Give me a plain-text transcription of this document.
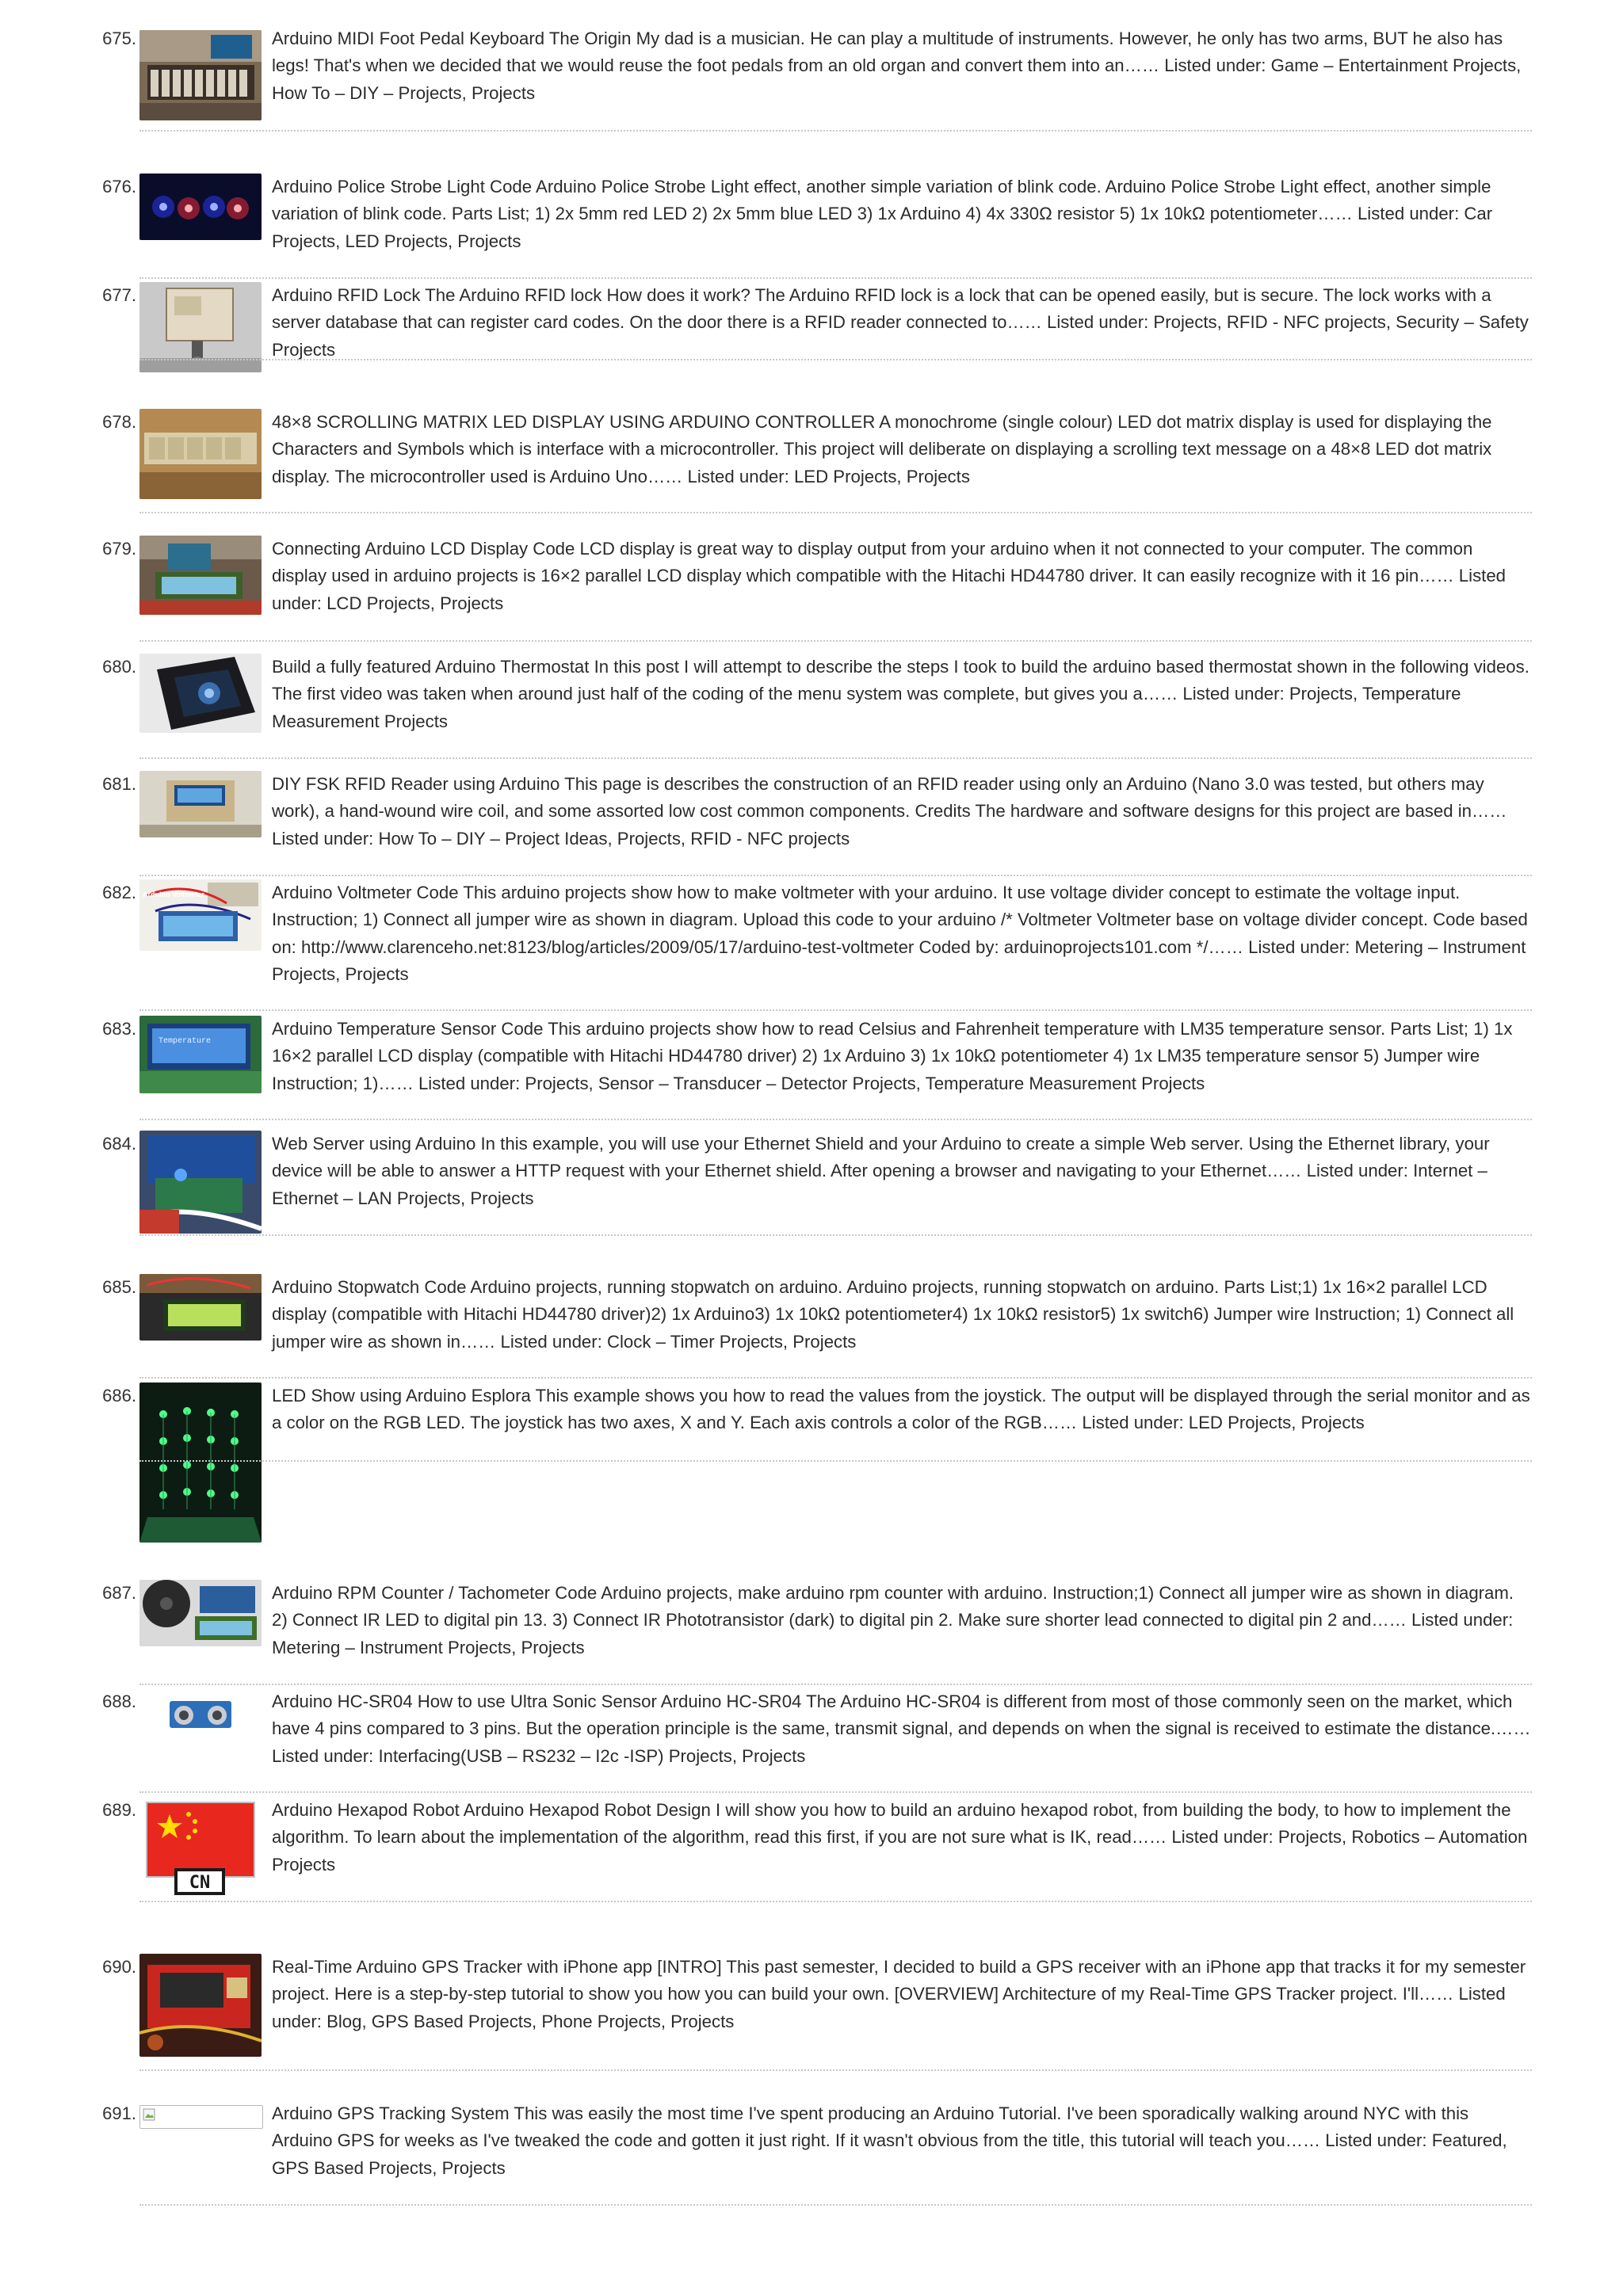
675.	Arduino MIDI Foot Pedal Keyboard The Origin My dad is a musician. He can play a multitude of instruments. However, he only has two arms, BUT he also has legs! That's when we decided that we would reuse the foot pedals from an old organ and convert them into an…… Listed under: Game – Entertainment Projects, How To – DIY – Projects, Projects
676.	Arduino Police Strobe Light Code Arduino Police Strobe Light effect, another simple variation of blink code. Arduino Police Strobe Light effect, another simple variation of blink code. Parts List; 1) 2x 5mm red LED 2) 2x 5mm blue LED 3) 1x Arduino 4) 4x 330Ω resistor 5) 1x 10kΩ potentiometer…… Listed under: Car Projects, LED Projects, Projects
677.	Arduino RFID Lock The Arduino RFID lock How does it work? The Arduino RFID lock is a lock that can be opened easily, but is secure. The lock works with a server database that can register card codes. On the door there is a RFID reader connected to…… Listed under: Projects, RFID - NFC projects, Security – Safety Projects
678.	48×8 SCROLLING MATRIX LED DISPLAY USING ARDUINO CONTROLLER A monochrome (single colour) LED dot matrix display is used for displaying the Characters and Symbols which is interface with a microcontroller. This project will deliberate on displaying a scrolling text message on a 48×8 LED dot matrix display. The microcontroller used is Arduino Uno…… Listed under: LED Projects, Projects
679.	Connecting Arduino LCD Display Code LCD display is great way to display output from your arduino when it not connected to your computer. The common display used in arduino projects is 16×2 parallel LCD display which compatible with the Hitachi HD44780 driver. It can easily recognize with it 16 pin…… Listed under: LCD Projects, Projects
680.	Build a fully featured Arduino Thermostat In this post I will attempt to describe the steps I took to build the arduino based thermostat shown in the following videos. The first video was taken when around just half of the coding of the menu system was complete, but gives you a…… Listed under: Projects, Temperature Measurement Projects
681.	DIY FSK RFID Reader using Arduino This page is describes the construction of an RFID reader using only an Arduino (Nano 3.0 was tested, but others may work), a hand-wound wire coil, and some assorted low cost common components. Credits The hardware and software designs for this project are based in…… Listed under: How To – DIY – Project Ideas, Projects, RFID - NFC projects
682. Arduino Voltmeter	Arduino Voltmeter Code This arduino projects show how to make voltmeter with your arduino. It use voltage divider concept to estimate the voltage input. Instruction; 1) Connect all jumper wire as shown in diagram. Upload this code to your arduino /* Voltmeter Voltmeter base on voltage divider concept. Code based on: http://www.clarenceho.net:8123/blog/articles/2009/05/17/arduino-test-voltmeter Coded by: arduinoprojects101.com */…… Listed under: Metering – Instrument Projects, Projects
683.
Temperature
Arduino Temperature Sensor Code This arduino projects show how to read Celsius and Fahrenheit temperature with LM35 temperature sensor. Parts List; 1) 1x 16×2 parallel LCD display (compatible with Hitachi HD44780 driver) 2) 1x Arduino 3) 1x 10kΩ potentiometer 4) 1x LM35 temperature sensor 5) Jumper wire Instruction; 1)…… Listed under: Projects, Sensor – Transducer – Detector Projects, Temperature Measurement Projects
684.	Web Server using Arduino In this example, you will use your Ethernet Shield and your Arduino to create a simple Web server. Using the Ethernet library, your device will be able to answer a HTTP request with your Ethernet shield. After opening a browser and navigating to your Ethernet…… Listed under: Internet – Ethernet – LAN Projects, Projects
685.	Arduino Stopwatch Code Arduino projects, running stopwatch on arduino. Arduino projects, running stopwatch on arduino. Parts List;1) 1x 16×2 parallel LCD display (compatible with Hitachi HD44780 driver)2) 1x Arduino3) 1x 10kΩ potentiometer4) 1x 10kΩ resistor5) 1x switch6) Jumper wire Instruction; 1) Connect all jumper wire as shown in…… Listed under: Clock – Timer Projects, Projects
686.	LED Show using Arduino Esplora This example shows you how to read the values from the joystick. The output will be displayed through the serial monitor and as a color on the RGB LED. The joystick has two axes, X and Y. Each axis controls a color of the RGB…… Listed under: LED Projects, Projects
687.	Arduino RPM Counter / Tachometer Code Arduino projects, make arduino rpm counter with arduino. Instruction;1) Connect all jumper wire as shown in diagram. 2) Connect IR LED to digital pin 13. 3) Connect IR Phototransistor (dark) to digital pin 2. Make sure shorter lead connected to digital pin 2 and…… Listed under: Metering – Instrument Projects, Projects
688.	Arduino HC-SR04 How to use Ultra Sonic Sensor Arduino HC-SR04 The Arduino HC-SR04 is different from most of those commonly seen on the market, which have 4 pins compared to 3 pins. But the operation principle is the same, transmit signal, and depends on when the signal is received to estimate the distance.…… Listed under: Interfacing(USB – RS232 – I2c -ISP) Projects, Projects
689.
CN
Arduino Hexapod Robot Arduino Hexapod Robot Design I will show you how to build an arduino hexapod robot, from building the body, to how to implement the algorithm. To learn about the implementation of the algorithm, read this first, if you are not sure what is IK, read…… Listed under: Projects, Robotics – Automation Projects
690.	Real-Time Arduino GPS Tracker with iPhone app [INTRO] This past semester, I decided to build a GPS receiver with an iPhone app that tracks it for my semester project. Here is a step-by-step tutorial to show you how you can build your own. [OVERVIEW] Architecture of my Real-Time GPS Tracker project. I'll…… Listed under: Blog, GPS Based Projects, Phone Projects, Projects
691.	Arduino GPS Tracking System This was easily the most time I've spent producing an Arduino Tutorial. I've been sporadically walking around NYC with this Arduino GPS for weeks as I've tweaked the code and gotten it just right. If it wasn't obvious from the title, this tutorial will teach you…… Listed under: Featured, GPS Based Projects, Projects
